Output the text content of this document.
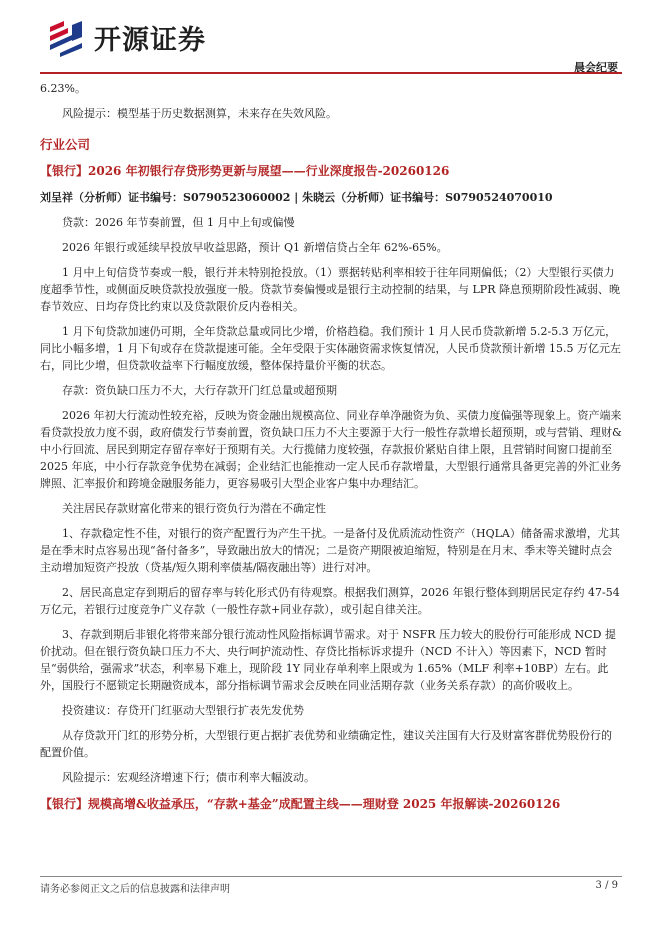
开源证券
晨会纪要

6.23%。

风险提示：模型基于历史数据测算，未来存在失效风险。

行业公司
【银行】2026 年初银行存贷形势更新与展望——行业深度报告-20260126
刘呈祥（分析师）证书编号：S0790523060002 | 朱晓云（分析师）证书编号：S0790524070010

贷款：2026 年节奏前置，但 1 月中上旬或偏慢

2026 年银行或延续早投放早收益思路，预计 Q1 新增信贷占全年 62%-65%。

1 月中上旬信贷节奏或一般，银行并未特别抢投放。（1）票据转贴利率相较于往年同期偏低；（2）大型银行买债力度超季节性，或侧面反映贷款投放强度一般。贷款节奏偏慢或是银行主动控制的结果，与 LPR 降息预期阶段性减弱、晚春节效应、日均存贷比约束以及贷款限价反内卷相关。

1 月下旬贷款加速仍可期，全年贷款总量或同比少增，价格趋稳。我们预计 1 月人民币贷款新增 5.2-5.3 万亿元，同比小幅多增，1 月下旬或存在贷款提速可能。全年受限于实体融资需求恢复情况，人民币贷款预计新增 15.5 万亿元左右，同比少增，但贷款收益率下行幅度放缓，整体保持量价平衡的状态。

存款：资负缺口压力不大，大行存款开门红总量或超预期

2026 年初大行流动性较充裕，反映为资金融出规模高位、同业存单净融资为负、买债力度偏强等现象上。资产端来看贷款投放力度不弱，政府债发行节奏前置，资负缺口压力不大主要源于大行一般性存款增长超预期，或与营销、理财&中小行回流、居民到期定存留存率好于预期有关。大行揽储力度较强，存款报价紧贴自律上限，且营销时间窗口提前至 2025 年底，中小行存款竞争优势在减弱；企业结汇也能推动一定人民币存款增量，大型银行通常具备更完善的外汇业务牌照、汇率报价和跨境金融服务能力，更容易吸引大型企业客户集中办理结汇。

关注居民存款财富化带来的银行资负行为潜在不确定性

1、存款稳定性不佳，对银行的资产配置行为产生干扰。一是备付及优质流动性资产（HQLA）储备需求激增，尤其是在季末时点容易出现“备付备多”，导致融出放大的情况；二是资产期限被迫缩短，特别是在月末、季末等关键时点会主动增加短资产投放（贷基/短久期利率债基/隔夜融出等）进行对冲。

2、居民高息定存到期后的留存率与转化形式仍有待观察。根据我们测算，2026 年银行整体到期居民定存约 47-54 万亿元，若银行过度竞争广义存款（一般性存款+同业存款），或引起自律关注。

3、存款到期后非银化将带来部分银行流动性风险指标调节需求。对于 NSFR 压力较大的股份行可能形成 NCD 提价扰动。但在银行资负缺口压力不大、央行呵护流动性、存贷比指标诉求提升（NCD 不计入）等因素下，NCD 暂时呈“弱供给，强需求”状态，利率易下难上，现阶段 1Y 同业存单利率上限或为 1.65%（MLF 利率+10BP）左右。此外，国股行不愿锁定长期融资成本，部分指标调节需求会反映在同业活期存款（业务关系存款）的高价吸收上。

投资建议：存贷开门红驱动大型银行扩表先发优势

从存贷款开门红的形势分析，大型银行更占据扩表优势和业绩确定性，建议关注国有大行及财富客群优势股份行的配置价值。

风险提示：宏观经济增速下行；债市利率大幅波动。

【银行】规模高增&收益承压，“存款+基金”成配置主线——理财登 2025 年报解读-20260126
请务必参阅正文之后的信息披露和法律声明	3 / 9
